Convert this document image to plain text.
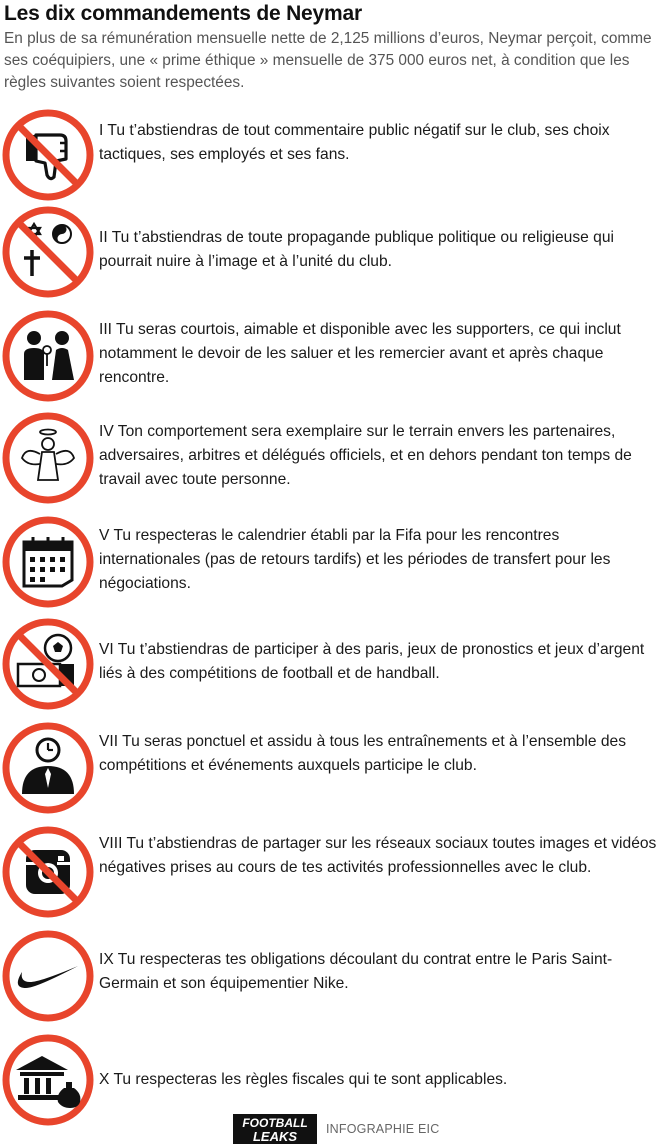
Les dix commandements de Neymar

En plus de sa rémunération mensuelle nette de 2,125 millions d’euros, Neymar perçoit, comme ses coéquipiers, une « prime éthique » mensuelle de 375 000 euros net, à condition que les règles suivantes soient respectées.

I Tu t’abstiendras de tout commentaire public négatif sur le club, ses choix tactiques, ses employés et ses fans.

II Tu t’abstiendras de toute propagande publique politique ou religieuse qui pourrait nuire à l’image et à l’unité du club.

III Tu seras courtois, aimable et disponible avec les supporters, ce qui inclut notamment le devoir de les saluer et les remercier avant et après chaque rencontre.

IV Ton comportement sera exemplaire sur le terrain envers les partenaires, adversaires, arbitres et délégués officiels, et en dehors pendant ton temps de travail avec toute personne.

V Tu respecteras le calendrier établi par la Fifa pour les rencontres internationales (pas de retours tardifs) et les périodes de transfert pour les négociations.

VI Tu t’abstiendras de participer à des paris, jeux de pronostics et jeux d’argent liés à des compétitions de football et de handball.

VII Tu seras ponctuel et assidu à tous les entraînements et à l’ensemble des compétitions et événements auxquels participe le club.

VIII Tu t’abstiendras de partager sur les réseaux sociaux toutes images et vidéos négatives prises au cours de tes activités professionnelles avec le club.

IX Tu respecteras tes obligations découlant du contrat entre le Paris Saint-Germain et son équipementier Nike.

X Tu respecteras les règles fiscales qui te sont applicables.

FOOTBALL
LEAKS INFOGRAPHIE EIC
